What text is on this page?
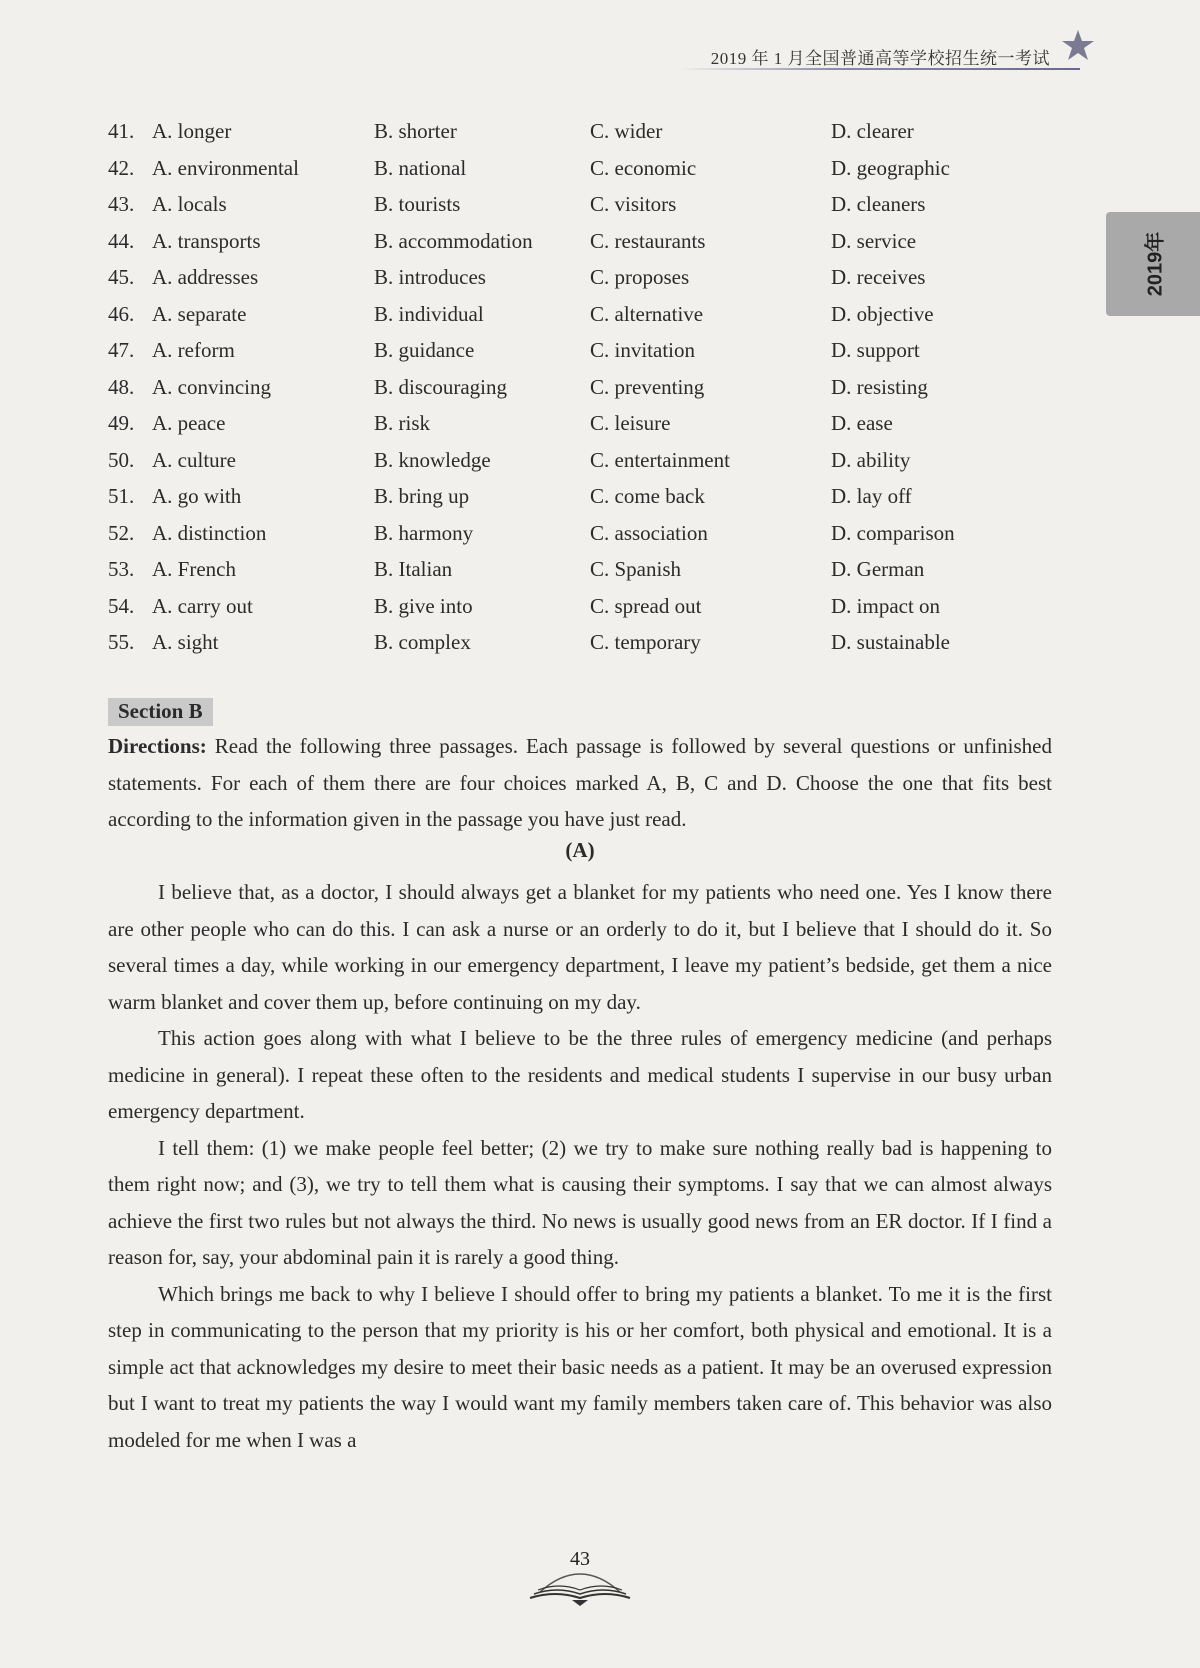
2019 年 1 月全国普通高等学校招生统一考试
2019年
41. A. longer	B. shorter	C. wider	D. clearer
42. A. environmental	B. national	C. economic	D. geographic
43. A. locals	B. tourists	C. visitors	D. cleaners
44. A. transports	B. accommodation	C. restaurants	D. service
45. A. addresses	B. introduces	C. proposes	D. receives
46. A. separate	B. individual	C. alternative	D. objective
47. A. reform	B. guidance	C. invitation	D. support
48. A. convincing	B. discouraging	C. preventing	D. resisting
49. A. peace	B. risk	C. leisure	D. ease
50. A. culture	B. knowledge	C. entertainment	D. ability
51. A. go with	B. bring up	C. come back	D. lay off
52. A. distinction	B. harmony	C. association	D. comparison
53. A. French	B. Italian	C. Spanish	D. German
54. A. carry out	B. give into	C. spread out	D. impact on
55. A. sight	B. complex	C. temporary	D. sustainable
Section B

Directions: Read the following three passages. Each passage is followed by several questions or unfinished statements. For each of them there are four choices marked A, B, C and D. Choose the one that fits best according to the information given in the passage you have just read.

(A)

I believe that, as a doctor, I should always get a blanket for my patients who need one. Yes I know there are other people who can do this. I can ask a nurse or an orderly to do it, but I believe that I should do it. So several times a day, while working in our emergency department, I leave my patient’s bedside, get them a nice warm blanket and cover them up, before continuing on my day.

This action goes along with what I believe to be the three rules of emergency medicine (and perhaps medicine in general). I repeat these often to the residents and medical students I supervise in our busy urban emergency department.

I tell them: (1) we make people feel better; (2) we try to make sure nothing really bad is happening to them right now; and (3), we try to tell them what is causing their symptoms. I say that we can almost always achieve the first two rules but not always the third. No news is usually good news from an ER doctor. If I find a reason for, say, your abdominal pain it is rarely a good thing.

Which brings me back to why I believe I should offer to bring my patients a blanket. To me it is the first step in communicating to the person that my priority is his or her comfort, both physical and emotional. It is a simple act that acknowledges my desire to meet their basic needs as a patient. It may be an overused expression but I want to treat my patients the way I would want my family members taken care of. This behavior was also modeled for me when I was a

43
